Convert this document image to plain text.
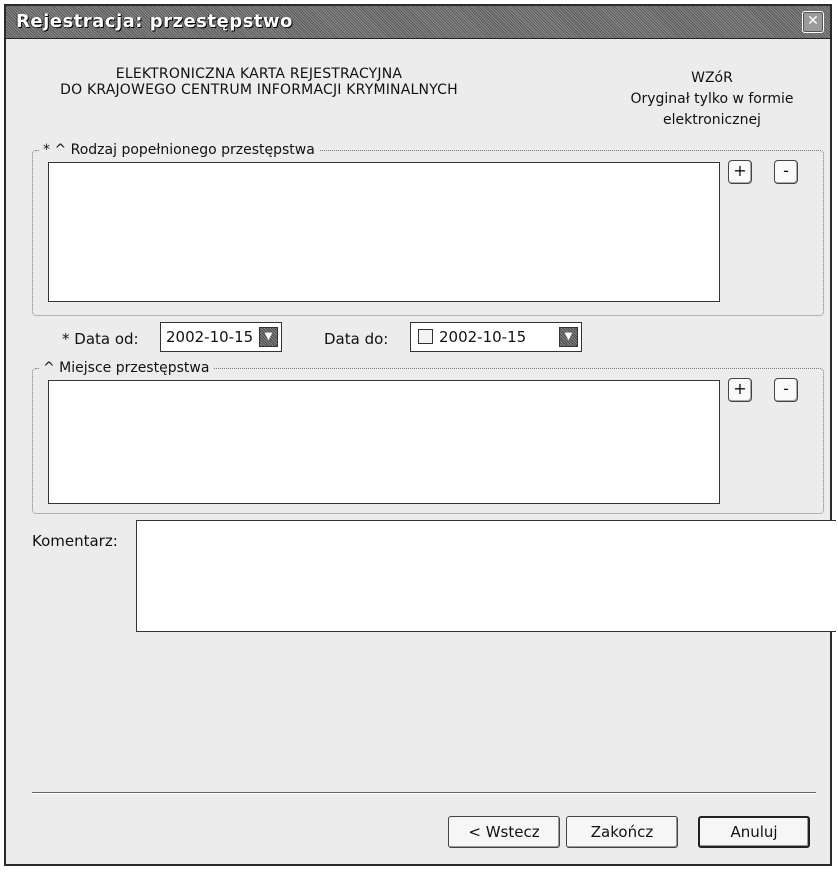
Rejestracja: przestępstwo	✕
ELEKTRONICZNA KARTA REJESTRACYJNA
DO KRAJOWEGO CENTRUM INFORMACJI KRYMINALNYCH
WZóR
Oryginał tylko w formie
elektronicznej
* ^ Rodzaj popełnionego przestępstwa
+	-
* Data od: 2002-10-15	▼	Data do:	2002-10-15	▼
^ Miejsce przestępstwa
+	-
Komentarz:
< Wstecz	Zakończ	Anuluj
